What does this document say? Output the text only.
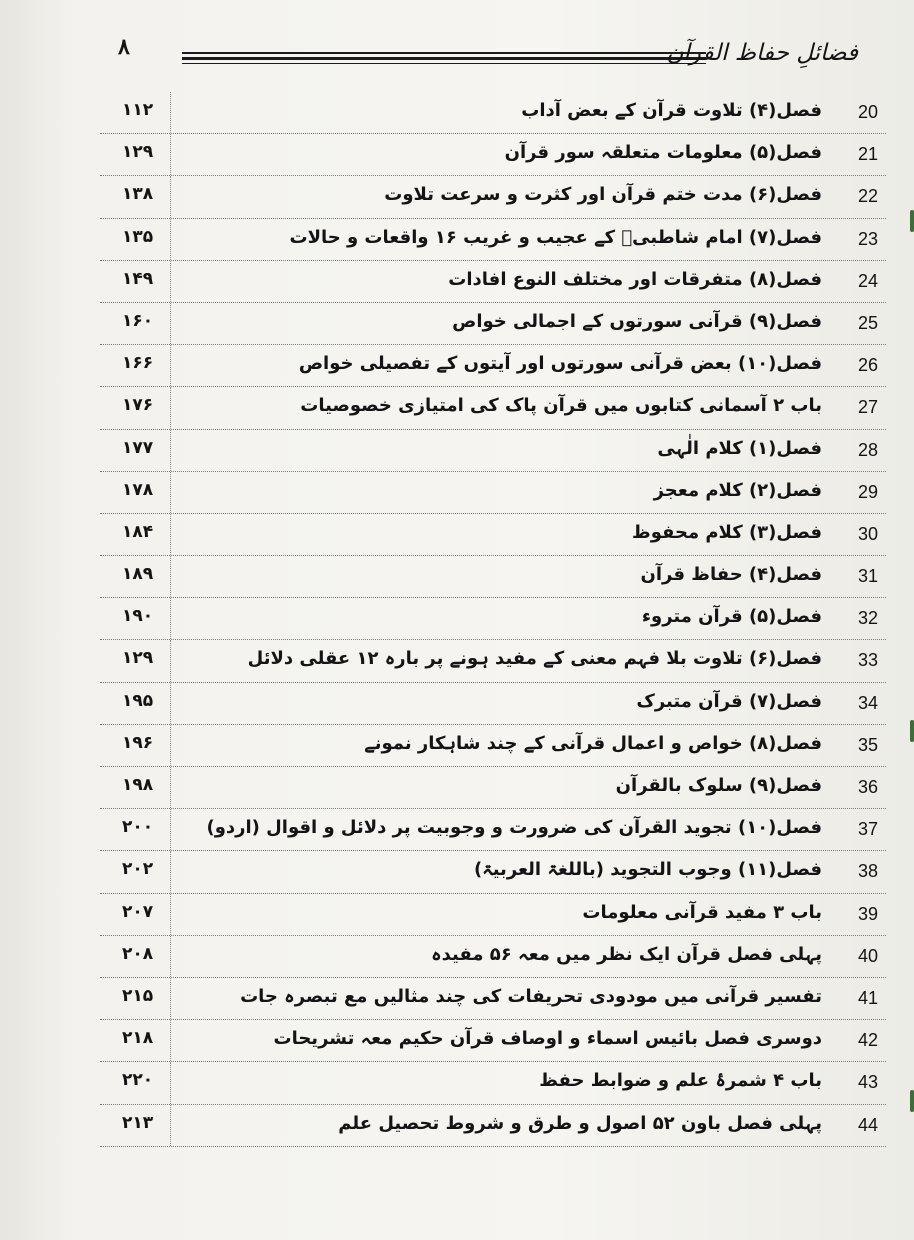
۸	فضائلِ حفاظ القرآن
۱۱۲	فصل(۴) تلاوت قرآن کے بعض آداب 20
۱۲۹	فصل(۵) معلومات متعلقہ سور قرآن 21
۱۳۸	فصل(۶) مدت ختم قرآن اور کثرت و سرعت تلاوت 22
۱۳۵	فصل(۷) امام شاطبیؒ کے عجیب و غریب ۱۶ واقعات و حالات 23
۱۴۹	فصل(۸) متفرقات اور مختلف النوع افادات 24
۱۶۰	فصل(۹) قرآنی سورتوں کے اجمالی خواص 25
۱۶۶	فصل(۱۰) بعض قرآنی سورتوں اور آیتوں کے تفصیلی خواص 26
۱۷۶	باب ۲ آسمانی کتابوں میں قرآن پاک کی امتیازی خصوصیات 27
۱۷۷	فصل(۱) کلام الٰہی 28
۱۷۸	فصل(۲) کلام معجز 29
۱۸۴	فصل(۳) کلام محفوظ 30
۱۸۹	فصل(۴) حفاظ قرآن 31
۱۹۰	فصل(۵) قرآن متروء 32
۱۲۹	فصل(۶) تلاوت بلا فہم معنی کے مفید ہونے پر بارہ ۱۲ عقلی دلائل 33
۱۹۵	فصل(۷) قرآن متبرک 34
۱۹۶	فصل(۸) خواص و اعمال قرآنی کے چند شاہکار نمونے 35
۱۹۸	فصل(۹) سلوک بالقرآن 36
۲۰۰	فصل(۱۰) تجوید القرآن کی ضرورت و وجوبیت پر دلائل و اقوال (اردو) 37
۲۰۲	فصل(۱۱) وجوب التجوید (باللغۃ العربیۃ) 38
۲۰۷	باب ۳ مفید قرآنی معلومات 39
۲۰۸	پہلی فصل قرآن ایک نظر میں معہ ۵۶ مفیدہ 40
۲۱۵	تفسیر قرآنی میں مودودی تحریفات کی چند مثالیں مع تبصرہ جات 41
۲۱۸	دوسری فصل بائیس اسماء و اوصاف قرآن حکیم معہ تشریحات 42
۲۲۰	باب ۴ شمرۂ علم و ضوابط حفظ 43
۲۱۳	پہلی فصل باون ۵۲ اصول و طرق و شروط تحصیل علم 44
